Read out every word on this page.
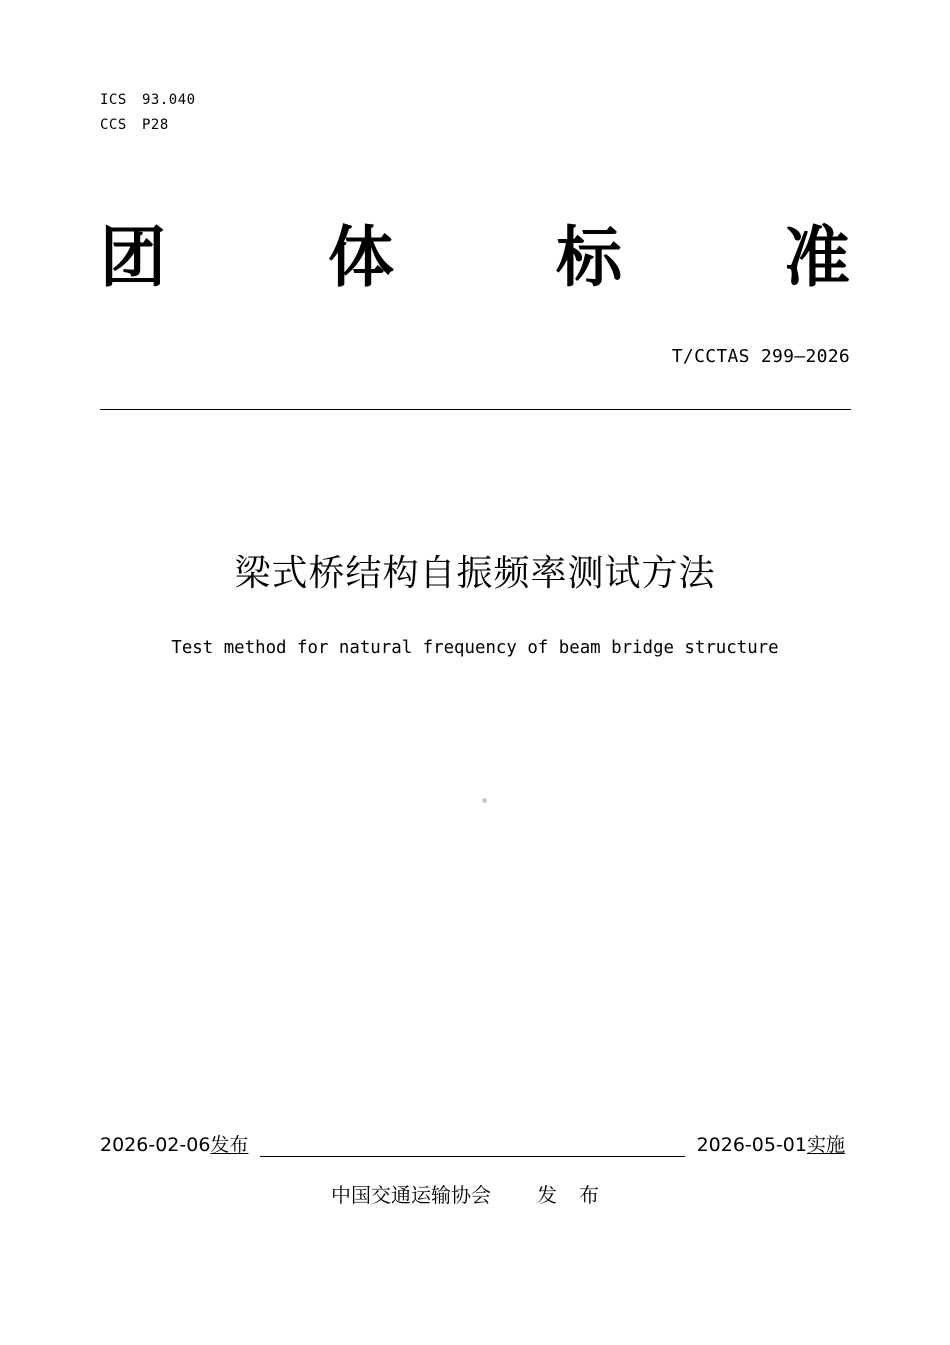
ICS 93.040
CCS P28
团 体 标 准
T/CCTAS 299—2026
梁式桥结构自振频率测试方法
Test method for natural frequency of beam bridge structure
2026-02-06发布	2026-05-01实施
中国交通运输协会 发布
